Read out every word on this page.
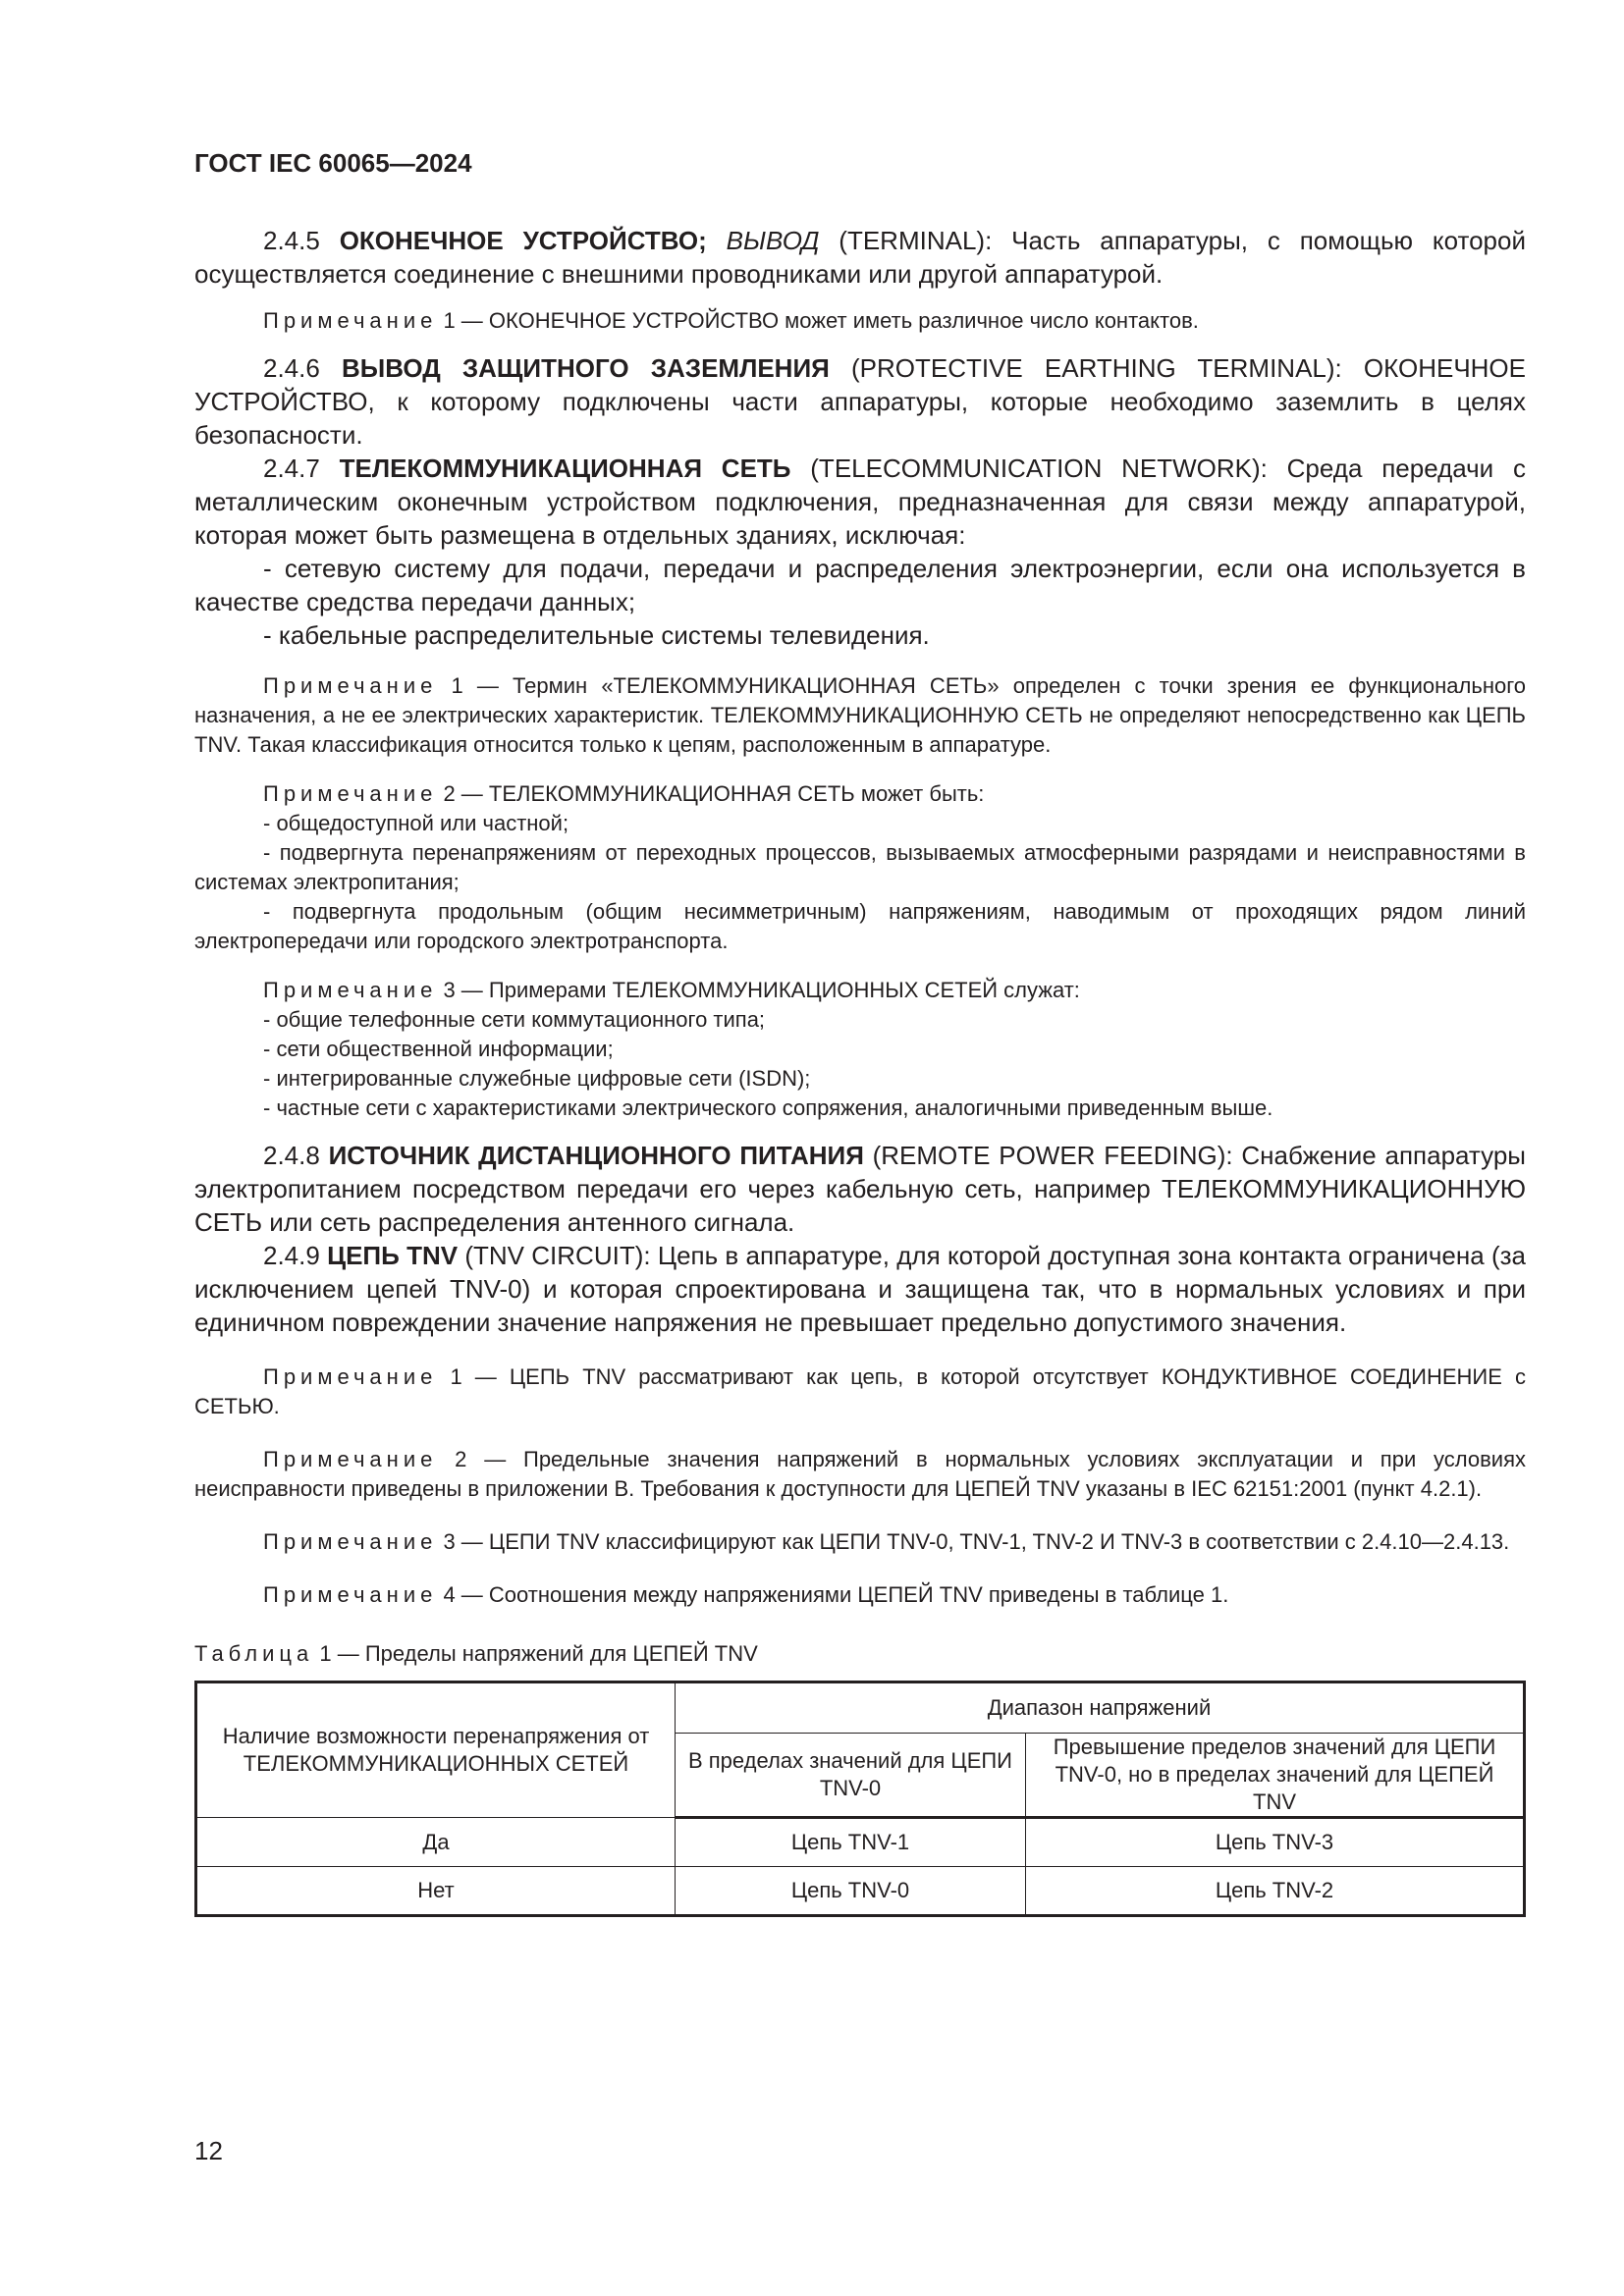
ГОСТ IEC 60065—2024

2.4.5 ОКОНЕЧНОЕ УСТРОЙСТВО; ВЫВОД (TERMINAL): Часть аппаратуры, с помощью которой осуществляется соединение с внешними проводниками или другой аппаратурой.

Примечание 1 — ОКОНЕЧНОЕ УСТРОЙСТВО может иметь различное число контактов.

2.4.6 ВЫВОД ЗАЩИТНОГО ЗАЗЕМЛЕНИЯ (PROTECTIVE EARTHING TERMINAL): ОКОНЕЧНОЕ УСТРОЙСТВО, к которому подключены части аппаратуры, которые необходимо заземлить в целях безопасности.

2.4.7 ТЕЛЕКОММУНИКАЦИОННАЯ СЕТЬ (TELECOMMUNICATION NETWORK): Среда передачи с металлическим оконечным устройством подключения, предназначенная для связи между аппаратурой, которая может быть размещена в отдельных зданиях, исключая:

- сетевую систему для подачи, передачи и распределения электроэнергии, если она используется в качестве средства передачи данных;

- кабельные распределительные системы телевидения.

Примечание 1 — Термин «ТЕЛЕКОММУНИКАЦИОННАЯ СЕТЬ» определен с точки зрения ее функционального назначения, а не ее электрических характеристик. ТЕЛЕКОММУНИКАЦИОННУЮ СЕТЬ не определяют непосредственно как ЦЕПЬ TNV. Такая классификация относится только к цепям, расположенным в аппаратуре.

Примечание 2 — ТЕЛЕКОММУНИКАЦИОННАЯ СЕТЬ может быть:

- общедоступной или частной;

- подвергнута перенапряжениям от переходных процессов, вызываемых атмосферными разрядами и неисправностями в системах электропитания;

- подвергнута продольным (общим несимметричным) напряжениям, наводимым от проходящих рядом линий электропередачи или городского электротранспорта.

Примечание 3 — Примерами ТЕЛЕКОММУНИКАЦИОННЫХ СЕТЕЙ служат:

- общие телефонные сети коммутационного типа;

- сети общественной информации;

- интегрированные служебные цифровые сети (ISDN);

- частные сети с характеристиками электрического сопряжения, аналогичными приведенным выше.

2.4.8 ИСТОЧНИК ДИСТАНЦИОННОГО ПИТАНИЯ (REMOTE POWER FEEDING): Снабжение аппаратуры электропитанием посредством передачи его через кабельную сеть, например ТЕЛЕКОММУНИКАЦИОННУЮ СЕТЬ или сеть распределения антенного сигнала.

2.4.9 ЦЕПЬ TNV (TNV CIRCUIT): Цепь в аппаратуре, для которой доступная зона контакта ограничена (за исключением цепей TNV-0) и которая спроектирована и защищена так, что в нормальных условиях и при единичном повреждении значение напряжения не превышает предельно допустимого значения.

Примечание 1 — ЦЕПЬ TNV рассматривают как цепь, в которой отсутствует КОНДУКТИВНОЕ СОЕДИНЕНИЕ с СЕТЬЮ.

Примечание 2 — Предельные значения напряжений в нормальных условиях эксплуатации и при условиях неисправности приведены в приложении В. Требования к доступности для ЦЕПЕЙ TNV указаны в IEC 62151:2001 (пункт 4.2.1).

Примечание 3 — ЦЕПИ TNV классифицируют как ЦЕПИ TNV-0, TNV-1, TNV-2 И TNV-3 в соответствии с 2.4.10—2.4.13.

Примечание 4 — Соотношения между напряжениями ЦЕПЕЙ TNV приведены в таблице 1.

Таблица 1 — Пределы напряжений для ЦЕПЕЙ TNV

Наличие возможности перенапряжения от ТЕЛЕКОММУНИКАЦИОННЫХ СЕТЕЙ	Диапазон напряжений	
	В пределах значений для ЦЕПИ TNV-0	Превышение пределов значений для ЦЕПИ TNV-0, но в пределах значений для ЦЕПЕЙ TNV
Да	Цепь TNV-1	Цепь TNV-3
Нет	Цепь TNV-0	Цепь TNV-2
12
